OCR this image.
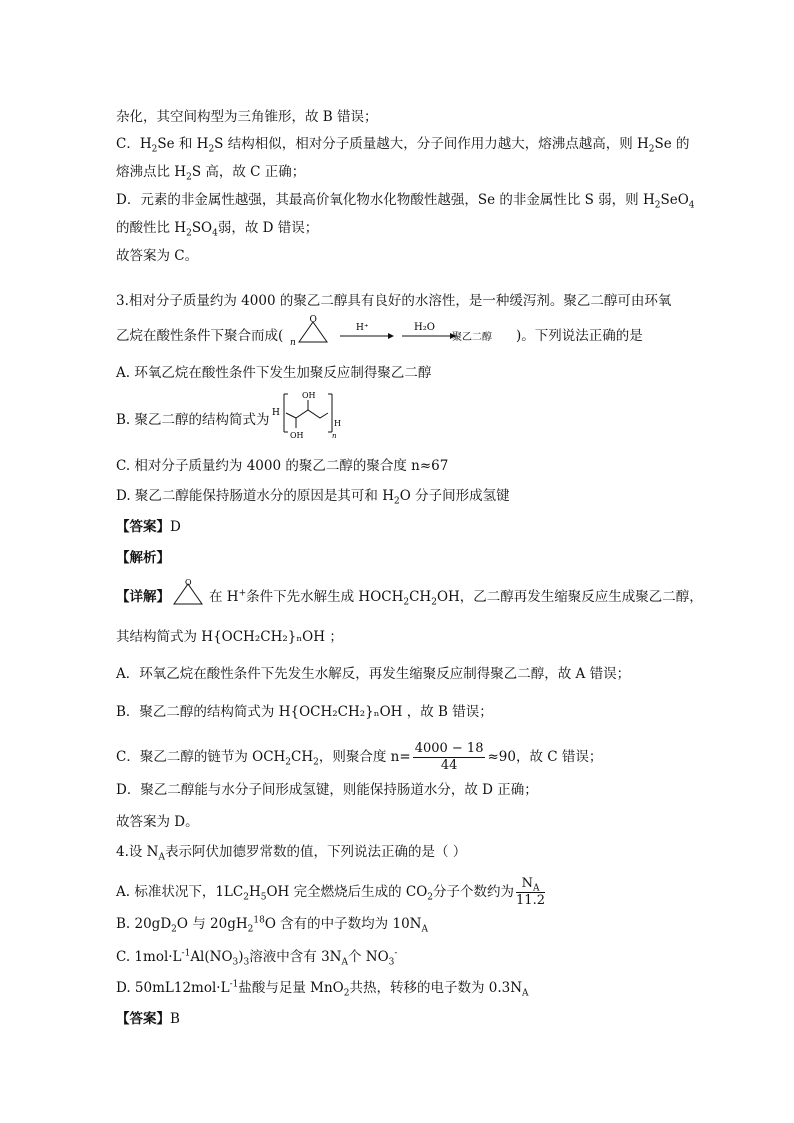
杂化，其空间构型为三角锥形，故 B 错误；
C．$H_2Se$ 和 $H_2S$ 结构相似，相对分子质量越大，分子间作用力越大，熔沸点越高，则 $H_2Se$ 的
熔沸点比 $H_2S$ 高，故 C 正确；
D．元素的非金属性越强，其最高价氧化物水化物酸性越强，Se 的非金属性比 S 弱，则 $H_2SeO_4$
的酸性比 $H_2SO_4$弱，故 D 错误；
故答案为 C。
3.相对分子质量约为 4000 的聚乙二醇具有良好的水溶性，是一种缓泻剂。聚乙二醇可由环氧
乙烷在酸性条件下聚合而成( n
O
H⁺	H₂O
聚乙二醇 )。下列说法正确的是
A. 环氧乙烷在酸性条件下发生加聚反应制得聚乙二醇
B. 聚乙二醇的结构简式为 H
OH
OH
H
n
C. 相对分子质量约为 4000 的聚乙二醇的聚合度 n≈67
D. 聚乙二醇能保持肠道水分的原因是其可和 $H_2O$ 分子间形成氢键
【答案】D
【解析】
【详解】
O
在 H+条件下先水解生成 $HOCH_2CH_2OH$，乙二醇再发生缩聚反应生成聚乙二醇，
其结构简式为 H{OCH₂CH₂}ₙOH ；
A．环氧乙烷在酸性条件下先发生水解反，再发生缩聚反应制得聚乙二醇，故 A 错误；
B．聚乙二醇的结构简式为 H{OCH₂CH₂}ₙOH ，故 B 错误；
C．聚乙二醇的链节为 $OCH_2CH_2$，则聚合度 $n= \frac{4000 - 18}{44} \approx 90$，故 C 错误；
D．聚乙二醇能与水分子间形成氢键，则能保持肠道水分，故 D 正确；
故答案为 D。
4.设 $N_A$表示阿伏加德罗常数的值，下列说法正确的是（ ）
A. 标准状况下，$1LC_2H_5OH$ 完全燃烧后生成的 $CO_2$分子个数约为 $\frac{N_A}{11.2}$
B. $20gD_2O$ 与 $20gH_2^{18}O$ 含有的中子数均为 $10N_A$
C. $1mol\cdot L^{-1}Al(NO_3)_3$溶液中含有 $3N_A$个 $NO_3^-$
D. $50mL12mol\cdot L^{-1}$盐酸与足量 MnO$_2$共热，转移的电子数为 $0.3N_A$
【答案】B
